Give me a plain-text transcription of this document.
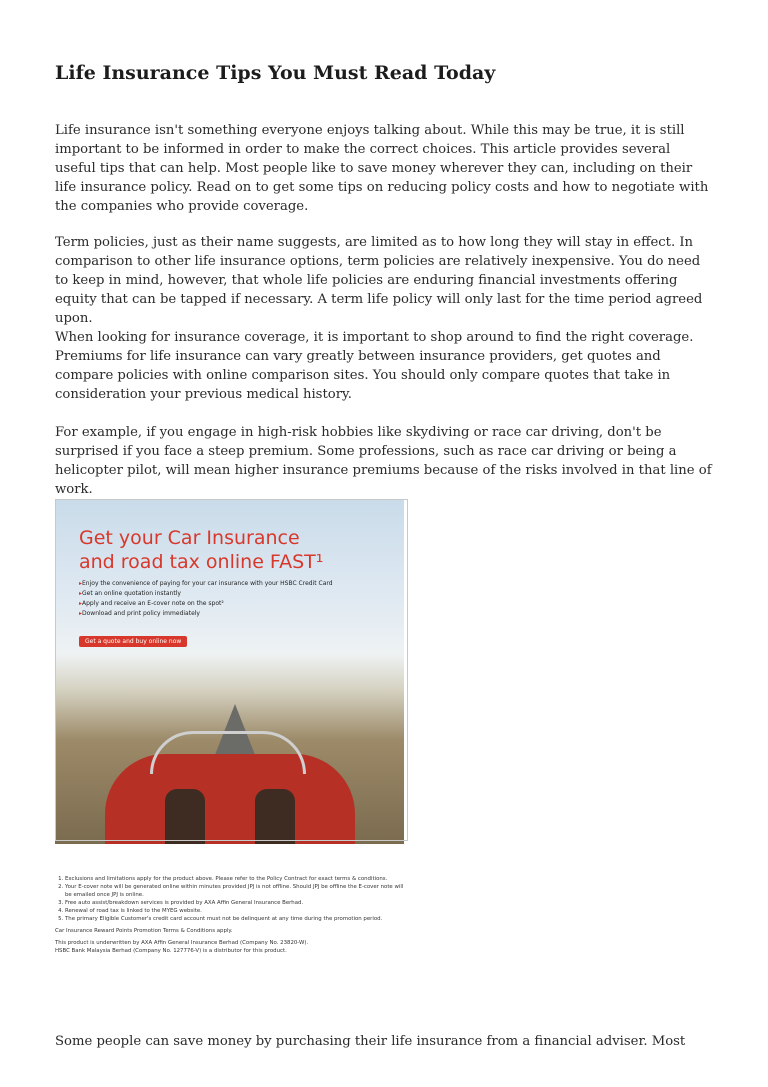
Life Insurance Tips You Must Read Today

Life insurance isn't something everyone enjoys talking about. While this may be true, it is still important to be informed in order to make the correct choices. This article provides several useful tips that can help. Most people like to save money wherever they can, including on their life insurance policy. Read on to get some tips on reducing policy costs and how to negotiate with the companies who provide coverage.

Term policies, just as their name suggests, are limited as to how long they will stay in effect. In comparison to other life insurance options, term policies are relatively inexpensive. You do need to keep in mind, however, that whole life policies are enduring financial investments offering equity that can be tapped if necessary. A term life policy will only last for the time period agreed upon.

When looking for insurance coverage, it is important to shop around to find the right coverage. Premiums for life insurance can vary greatly between insurance providers, get quotes and compare policies with online comparison sites. You should only compare quotes that take in consideration your previous medical history.

For example, if you engage in high-risk hobbies like skydiving or race car driving, don't be surprised if you face a steep premium. Some professions, such as race car driving or being a helicopter pilot, will mean higher insurance premiums because of the risks involved in that line of work.

Get your Car Insurance
and road tax online FAST¹
▸ Enjoy the convenience of paying for your car insurance with your HSBC Credit Card
▸ Get an online quotation instantly
▸ Apply and receive an E-cover note on the spot²
▸ Download and print policy immediately
Get a quote and buy online now

Some people can save money by purchasing their life insurance from a financial adviser. Most

1. Exclusions and limitations apply for the product above. Please refer to the Policy Contract for exact terms & conditions.
2. Your E-cover note will be generated online within minutes provided JPJ is not offline. Should JPJ be offline the E-cover note will be emailed once JPJ is online.
3. Free auto assist/breakdown services is provided by AXA Affin General Insurance Berhad.
4. Renewal of road tax is linked to the MYEG website.
5. The primary Eligible Customer's credit card account must not be delinquent at any time during the promotion period.
Car Insurance Reward Points Promotion Terms & Conditions apply.
This product is underwritten by AXA Affin General Insurance Berhad (Company No. 23820-W).
HSBC Bank Malaysia Berhad (Company No. 127776-V) is a distributor for this product.
